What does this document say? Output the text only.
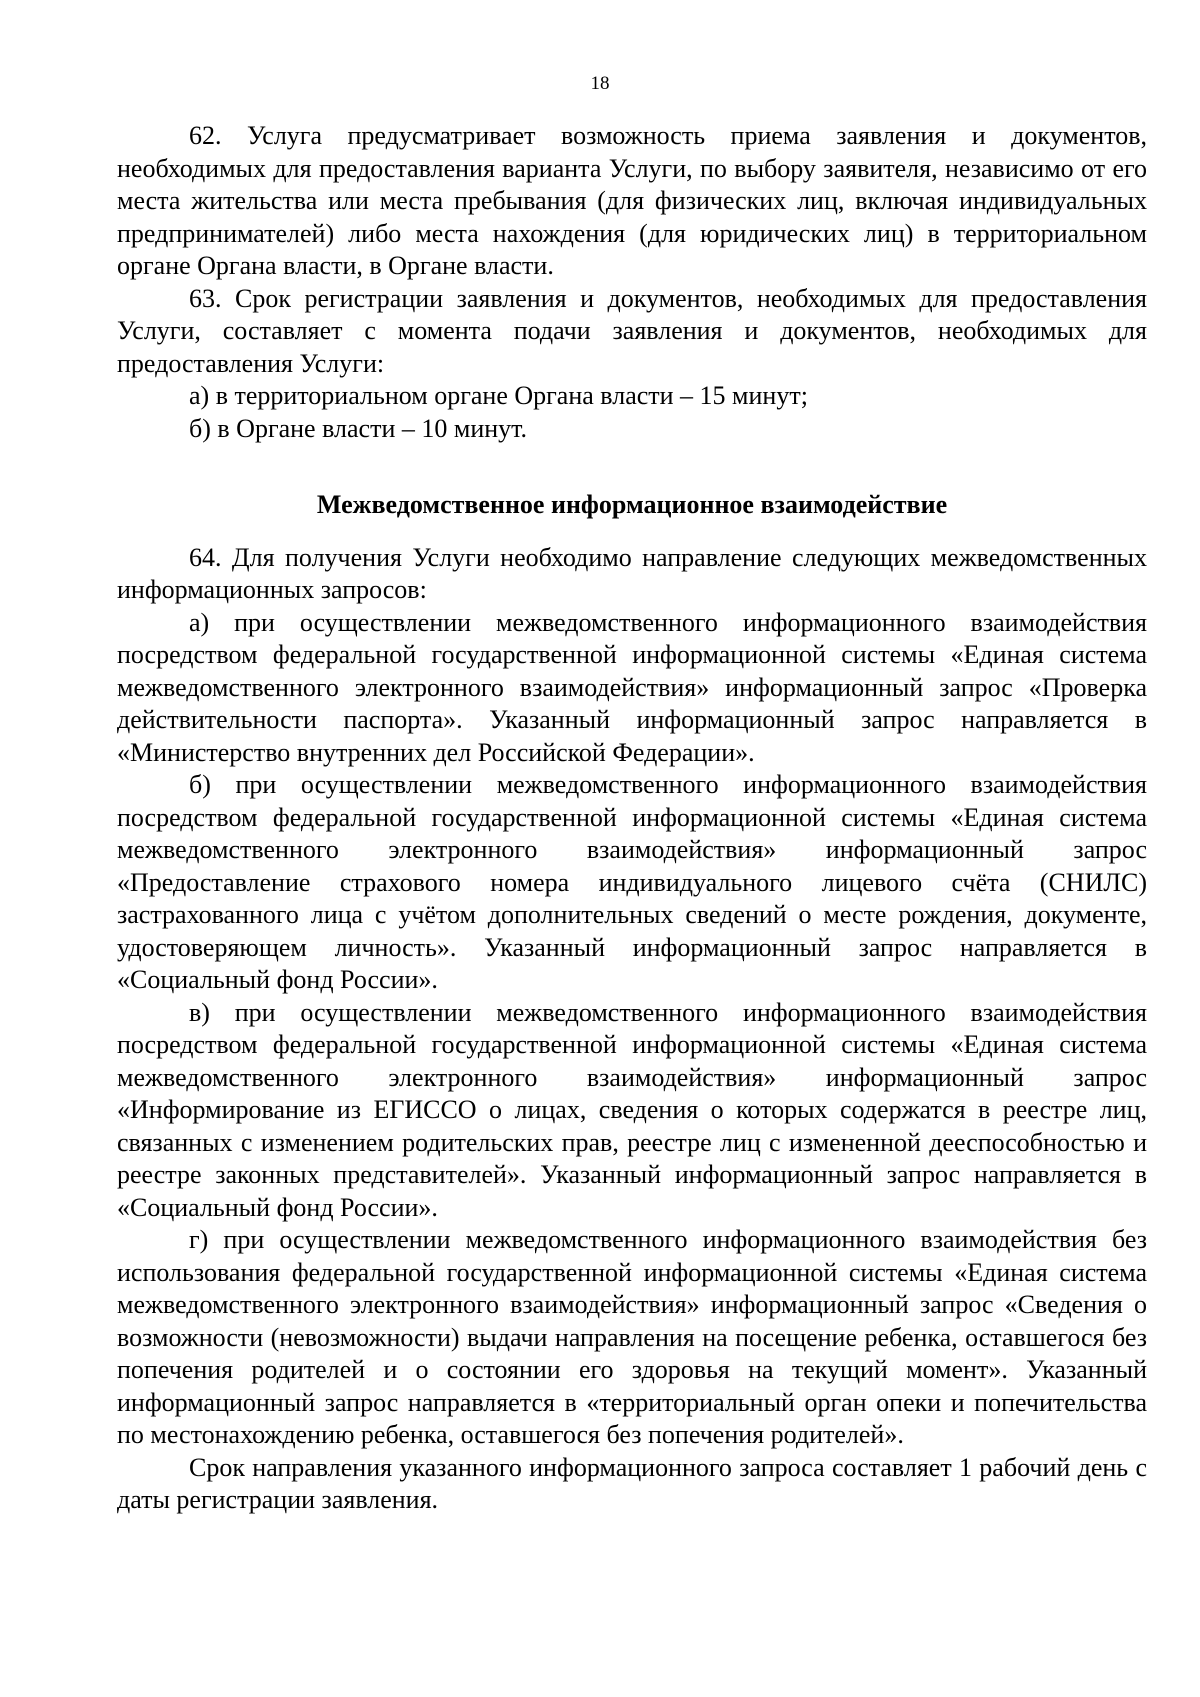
18

62. Услуга предусматривает возможность приема заявления и документов, необходимых для предоставления варианта Услуги, по выбору заявителя, независимо от его места жительства или места пребывания (для физических лиц, включая индивидуальных предпринимателей) либо места нахождения (для юридических лиц) в территориальном органе Органа власти, в Органе власти.

63. Срок регистрации заявления и документов, необходимых для предоставления Услуги, составляет с момента подачи заявления и документов, необходимых для предоставления Услуги:

а) в территориальном органе Органа власти – 15 минут;

б) в Органе власти – 10 минут.

Межведомственное информационное взаимодействие

64. Для получения Услуги необходимо направление следующих межведомственных информационных запросов:

а) при осуществлении межведомственного информационного взаимодействия посредством федеральной государственной информационной системы «Единая система межведомственного электронного взаимодействия» информационный запрос «Проверка действительности паспорта». Указанный информационный запрос направляется в «Министерство внутренних дел Российской Федерации».

б) при осуществлении межведомственного информационного взаимодействия посредством федеральной государственной информационной системы «Единая система межведомственного электронного взаимодействия» информационный запрос «Предоставление страхового номера индивидуального лицевого счёта (СНИЛС) застрахованного лица с учётом дополнительных сведений о месте рождения, документе, удостоверяющем личность». Указанный информационный запрос направляется в «Социальный фонд России».

в) при осуществлении межведомственного информационного взаимодействия посредством федеральной государственной информационной системы «Единая система межведомственного электронного взаимодействия» информационный запрос «Информирование из ЕГИССО о лицах, сведения о которых содержатся в реестре лиц, связанных с изменением родительских прав, реестре лиц с измененной дееспособностью и реестре законных представителей». Указанный информационный запрос направляется в «Социальный фонд России».

г) при осуществлении межведомственного информационного взаимодействия без использования федеральной государственной информационной системы «Единая система межведомственного электронного взаимодействия» информационный запрос «Сведения о возможности (невозможности) выдачи направления на посещение ребенка, оставшегося без попечения родителей и о состоянии его здоровья на текущий момент». Указанный информационный запрос направляется в «территориальный орган опеки и попечительства по местонахождению ребенка, оставшегося без попечения родителей».

Срок направления указанного информационного запроса составляет 1 рабочий день с даты регистрации заявления.
